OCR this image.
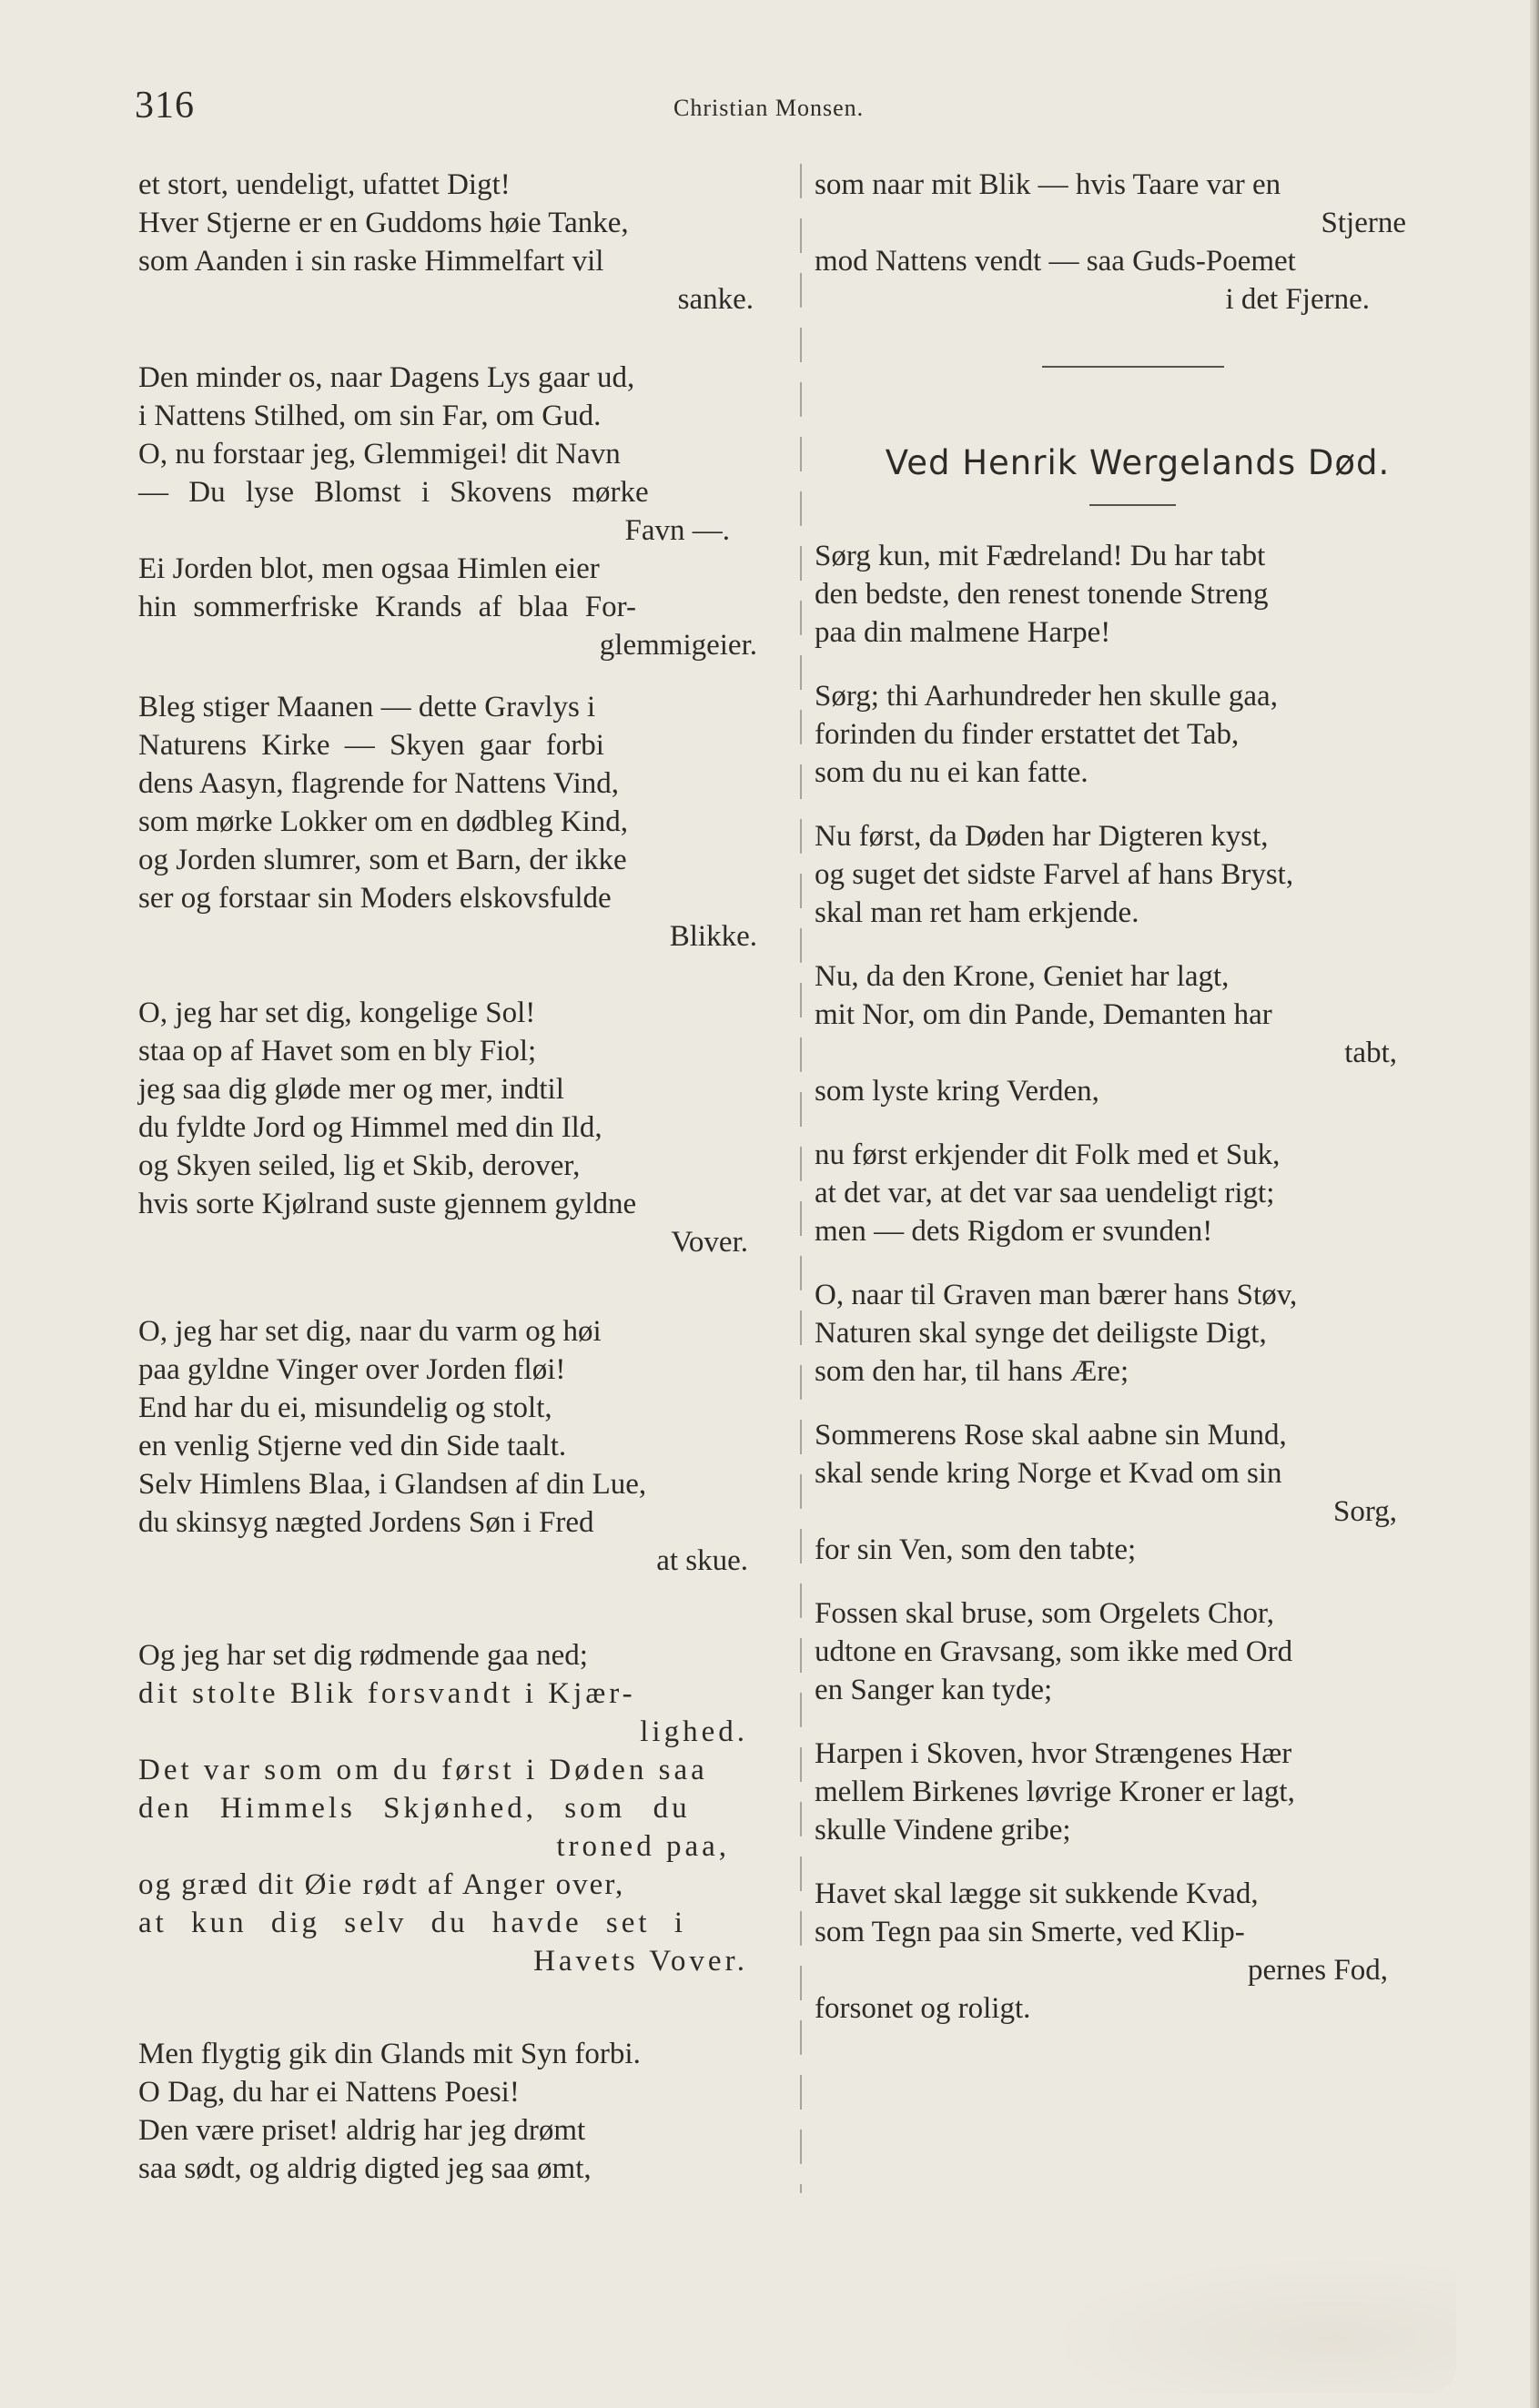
316	Christian Monsen.
et stort, uendeligt, ufattet Digt!
Hver Stjerne er en Guddoms høie Tanke,
som Aanden i sin raske Himmelfart vil
sanke.
Den minder os, naar Dagens Lys gaar ud,
i Nattens Stilhed, om sin Far, om Gud.
O, nu forstaar jeg, Glemmigei! dit Navn
— Du lyse Blomst i Skovens mørke
Favn —.
Ei Jorden blot, men ogsaa Himlen eier
hin sommerfriske Krands af blaa For-
glemmigeier.
Bleg stiger Maanen — dette Gravlys i
Naturens Kirke — Skyen gaar forbi
dens Aasyn, flagrende for Nattens Vind,
som mørke Lokker om en dødbleg Kind,
og Jorden slumrer, som et Barn, der ikke
ser og forstaar sin Moders elskovsfulde
Blikke.
O, jeg har set dig, kongelige Sol!
staa op af Havet som en bly Fiol;
jeg saa dig gløde mer og mer, indtil
du fyldte Jord og Himmel med din Ild,
og Skyen seiled, lig et Skib, derover,
hvis sorte Kjølrand suste gjennem gyldne
Vover.
O, jeg har set dig, naar du varm og høi
paa gyldne Vinger over Jorden fløi!
End har du ei, misundelig og stolt,
en venlig Stjerne ved din Side taalt.
Selv Himlens Blaa, i Glandsen af din Lue,
du skinsyg nægted Jordens Søn i Fred
at skue.
Og jeg har set dig rødmende gaa ned;
dit stolte Blik forsvandt i Kjær-
lighed.
Det var som om du først i Døden saa
den Himmels Skjønhed, som du
troned paa,
og græd dit Øie rødt af Anger over,
at kun dig selv du havde set i
Havets Vover.
Men flygtig gik din Glands mit Syn forbi.
O Dag, du har ei Nattens Poesi!
Den være priset! aldrig har jeg drømt
saa sødt, og aldrig digted jeg saa ømt,
som naar mit Blik — hvis Taare var en
Stjerne
mod Nattens vendt — saa Guds-Poemet
i det Fjerne.
Ved Henrik Wergelands Død.
Sørg kun, mit Fædreland! Du har tabt
den bedste, den renest tonende Streng
paa din malmene Harpe!
Sørg; thi Aarhundreder hen skulle gaa,
forinden du finder erstattet det Tab,
som du nu ei kan fatte.
Nu først, da Døden har Digteren kyst,
og suget det sidste Farvel af hans Bryst,
skal man ret ham erkjende.
Nu, da den Krone, Geniet har lagt,
mit Nor, om din Pande, Demanten har
tabt,
som lyste kring Verden,
nu først erkjender dit Folk med et Suk,
at det var, at det var saa uendeligt rigt;
men — dets Rigdom er svunden!
O, naar til Graven man bærer hans Støv,
Naturen skal synge det deiligste Digt,
som den har, til hans Ære;
Sommerens Rose skal aabne sin Mund,
skal sende kring Norge et Kvad om sin
Sorg,
for sin Ven, som den tabte;
Fossen skal bruse, som Orgelets Chor,
udtone en Gravsang, som ikke med Ord
en Sanger kan tyde;
Harpen i Skoven, hvor Strængenes Hær
mellem Birkenes løvrige Kroner er lagt,
skulle Vindene gribe;
Havet skal lægge sit sukkende Kvad,
som Tegn paa sin Smerte, ved Klip-
pernes Fod,
forsonet og roligt.
